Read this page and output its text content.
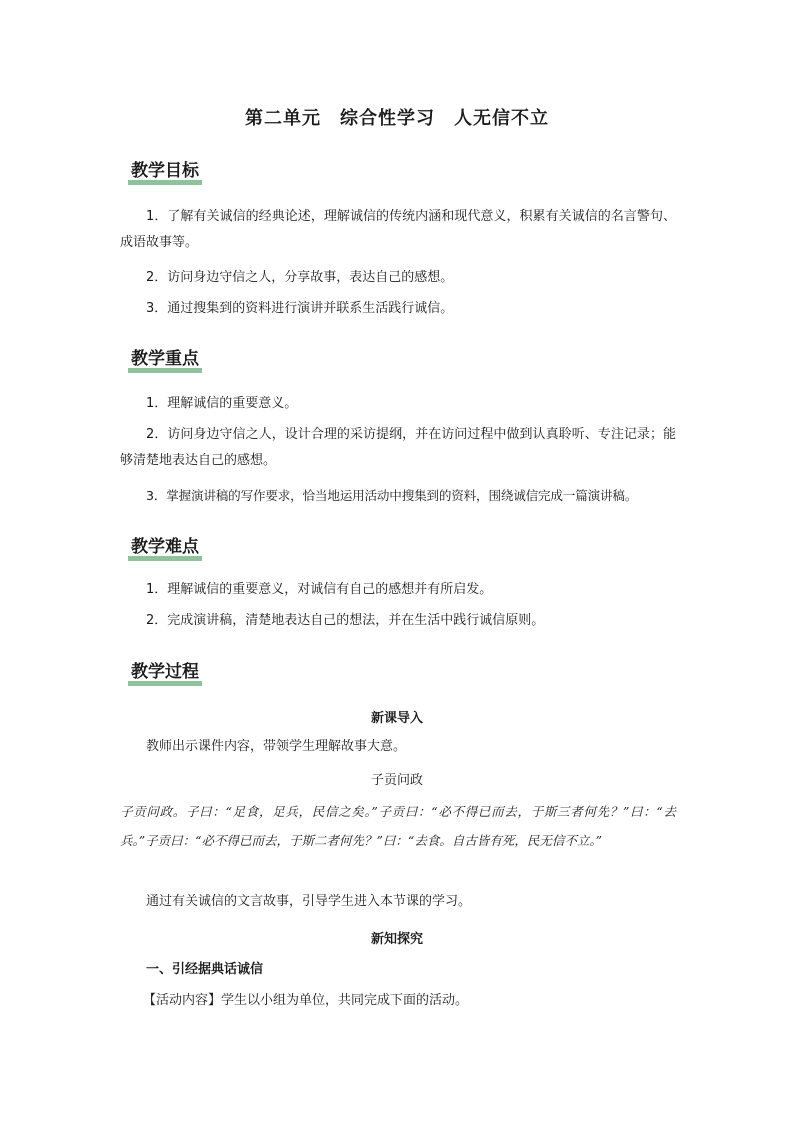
第二单元　综合性学习　人无信不立
教学目标
1．了解有关诚信的经典论述，理解诚信的传统内涵和现代意义，积累有关诚信的名言警句、成语故事等。
2．访问身边守信之人，分享故事，表达自己的感想。
3．通过搜集到的资料进行演讲并联系生活践行诚信。
教学重点
1．理解诚信的重要意义。
2．访问身边守信之人，设计合理的采访提纲，并在访问过程中做到认真聆听、专注记录；能够清楚地表达自己的感想。
3．掌握演讲稿的写作要求，恰当地运用活动中搜集到的资料，围绕诚信完成一篇演讲稿。
教学难点
1．理解诚信的重要意义，对诚信有自己的感想并有所启发。
2．完成演讲稿，清楚地表达自己的想法，并在生活中践行诚信原则。
教学过程
新课导入
教师出示课件内容，带领学生理解故事大意。
子贡问政
子贡问政。子曰：“足食，足兵，民信之矣。”子贡曰：“必不得已而去，于斯三者何先？”曰：“去兵。”子贡曰：“必不得已而去，于斯二者何先？”曰：“去食。自古皆有死，民无信不立。”
通过有关诚信的文言故事，引导学生进入本节课的学习。
新知探究
一、引经据典话诚信
【活动内容】学生以小组为单位，共同完成下面的活动。
